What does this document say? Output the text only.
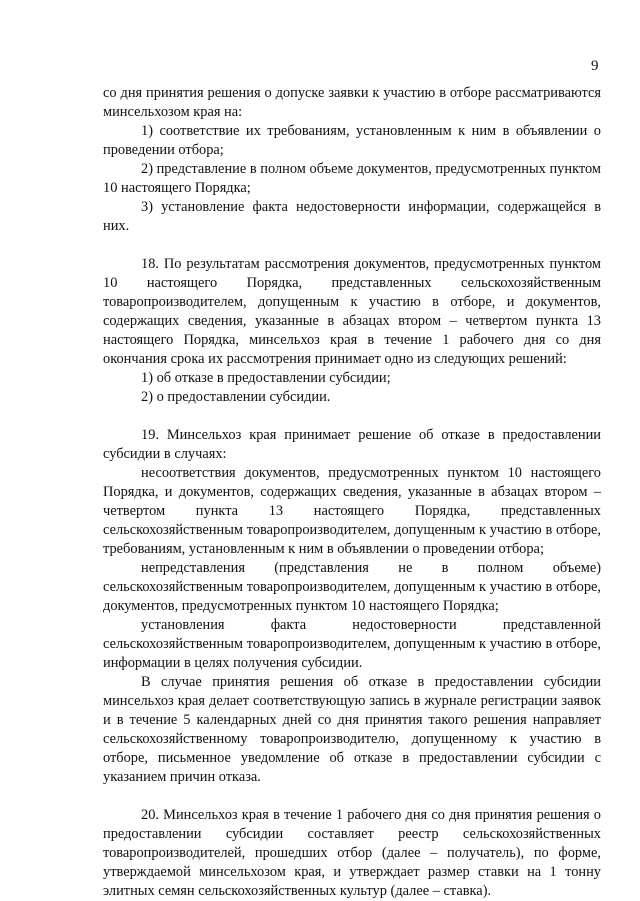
9

со дня принятия решения о допуске заявки к участию в отборе рассматриваются минсельхозом края на:

1) соответствие их требованиям, установленным к ним в объявлении о проведении отбора;

2) представление в полном объеме документов, предусмотренных пунктом 10 настоящего Порядка;

3) установление факта недостоверности информации, содержащейся в них.

18. По результатам рассмотрения документов, предусмотренных пунктом 10 настоящего Порядка, представленных сельскохозяйственным товаропроизводителем, допущенным к участию в отборе, и документов, содержащих сведения, указанные в абзацах втором – четвертом пункта 13 настоящего Порядка, минсельхоз края в течение 1 рабочего дня со дня окончания срока их рассмотрения принимает одно из следующих решений:

1) об отказе в предоставлении субсидии;

2) о предоставлении субсидии.

19. Минсельхоз края принимает решение об отказе в предоставлении субсидии в случаях:

несоответствия документов, предусмотренных пунктом 10 настоящего Порядка, и документов, содержащих сведения, указанные в абзацах втором – четвертом пункта 13 настоящего Порядка, представленных сельскохозяйственным товаропроизводителем, допущенным к участию в отборе, требованиям, установленным к ним в объявлении о проведении отбора;

непредставления (представления не в полном объеме) сельскохозяйственным товаропроизводителем, допущенным к участию в отборе, документов, предусмотренных пунктом 10 настоящего Порядка;

установления факта недостоверности представленной сельскохозяйственным товаропроизводителем, допущенным к участию в отборе, информации в целях получения субсидии.

В случае принятия решения об отказе в предоставлении субсидии минсельхоз края делает соответствующую запись в журнале регистрации заявок и в течение 5 календарных дней со дня принятия такого решения направляет сельскохозяйственному товаропроизводителю, допущенному к участию в отборе, письменное уведомление об отказе в предоставлении субсидии с указанием причин отказа.

20. Минсельхоз края в течение 1 рабочего дня со дня принятия решения о предоставлении субсидии составляет реестр сельскохозяйственных товаропроизводителей, прошедших отбор (далее – получатель), по форме, утверждаемой минсельхозом края, и утверждает размер ставки на 1 тонну элитных семян сельскохозяйственных культур (далее – ставка).
